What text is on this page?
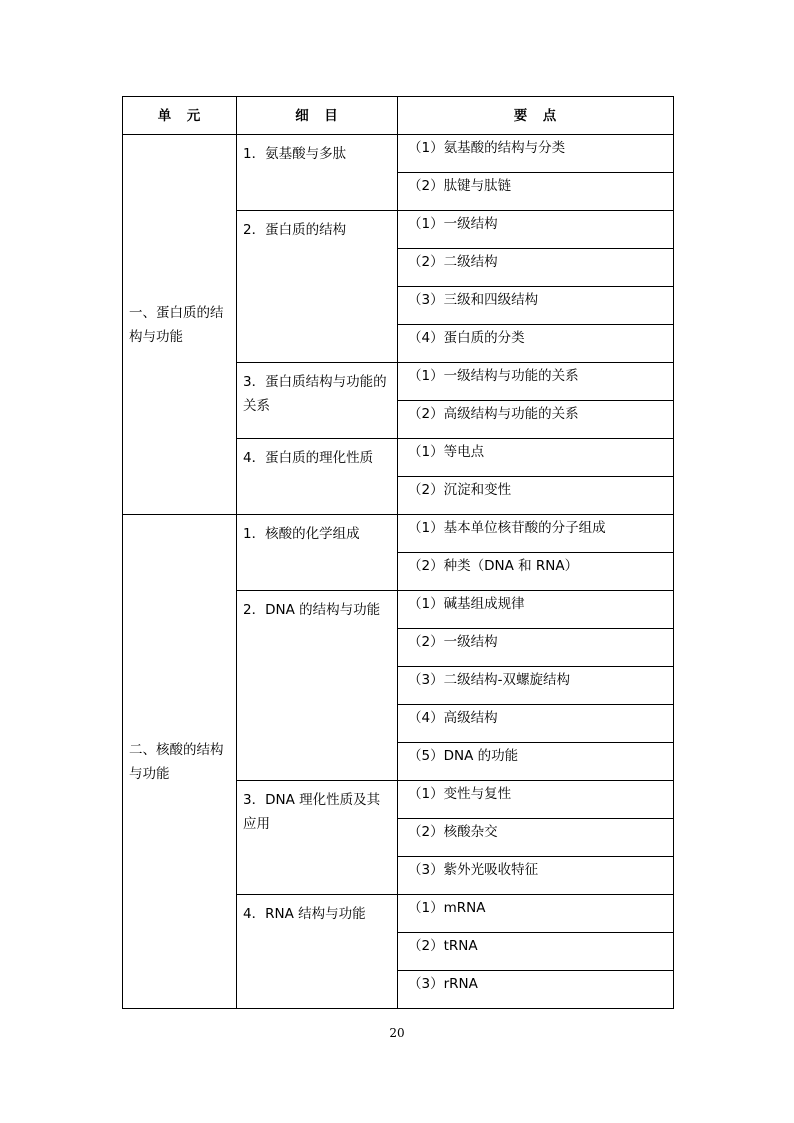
单　元	细　目	要　点
一、蛋白质的结构与功能	1．氨基酸与多肽	（1）氨基酸的结构与分类

		（2）肽键与肽链

	2．蛋白质的结构	（1）一级结构

		（2）二级结构

		（3）三级和四级结构

		（4）蛋白质的分类

	3．蛋白质结构与功能的关系	（1）一级结构与功能的关系

		（2）高级结构与功能的关系

	4．蛋白质的理化性质	（1）等电点

		（2）沉淀和变性

二、核酸的结构与功能	1．核酸的化学组成	（1）基本单位核苷酸的分子组成

		（2）种类（DNA 和 RNA）

	2．DNA 的结构与功能	（1）碱基组成规律

		（2）一级结构

		（3）二级结构-双螺旋结构

		（4）高级结构

		（5）DNA 的功能

	3．DNA 理化性质及其应用	（1）变性与复性

		（2）核酸杂交

		（3）紫外光吸收特征

	4．RNA 结构与功能	（1）mRNA

		（2）tRNA

		（3）rRNA
20
